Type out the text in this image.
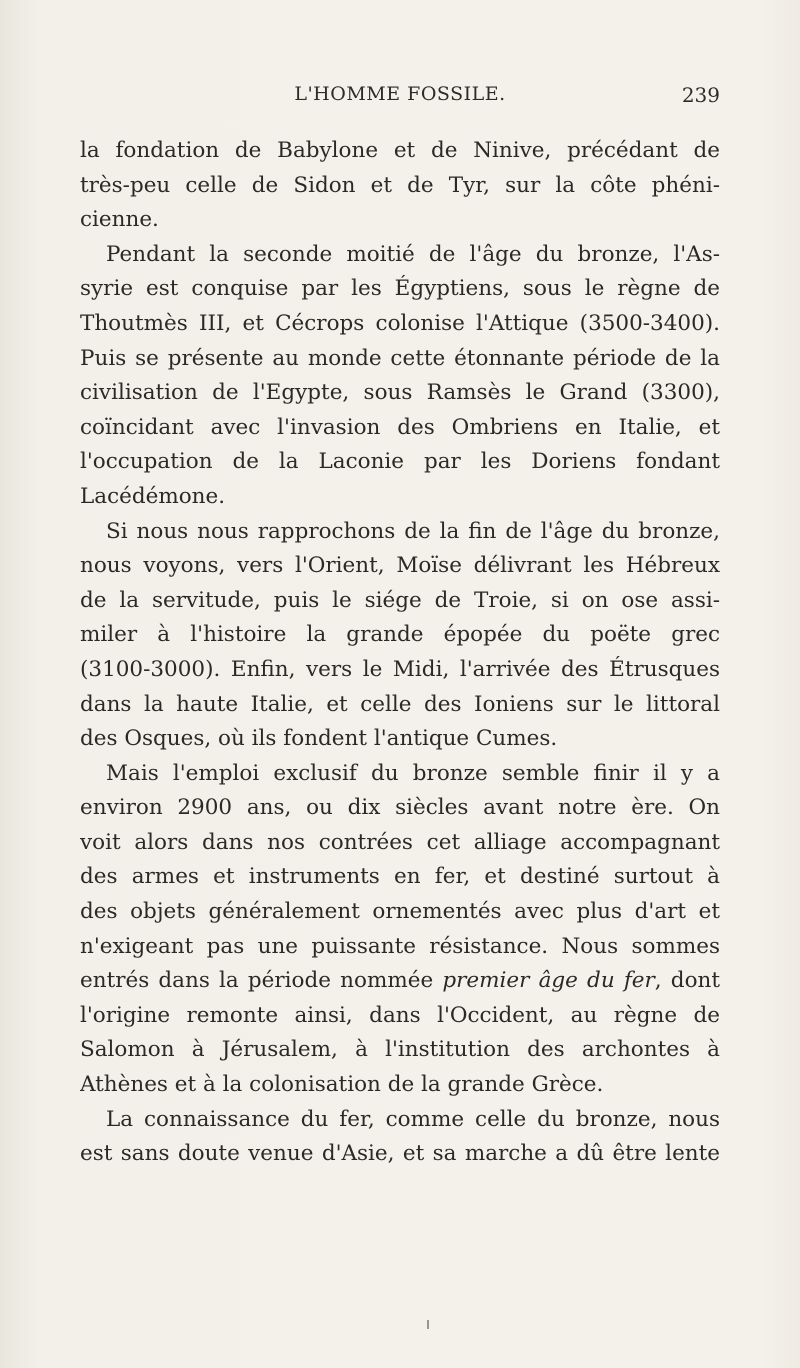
L'HOMME FOSSILE.	239
la fondation de Babylone et de Ninive, précédant de
très-peu celle de Sidon et de Tyr, sur la côte phéni-
cienne.
Pendant la seconde moitié de l'âge du bronze, l'As-
syrie est conquise par les Égyptiens, sous le règne de
Thoutmès III, et Cécrops colonise l'Attique (3500-3400).
Puis se présente au monde cette étonnante période de la
civilisation de l'Egypte, sous Ramsès le Grand (3300),
coïncidant avec l'invasion des Ombriens en Italie, et
l'occupation de la Laconie par les Doriens fondant
Lacédémone.
Si nous nous rapprochons de la fin de l'âge du bronze,
nous voyons, vers l'Orient, Moïse délivrant les Hébreux
de la servitude, puis le siége de Troie, si on ose assi-
miler à l'histoire la grande épopée du poëte grec
(3100-3000). Enfin, vers le Midi, l'arrivée des Étrusques
dans la haute Italie, et celle des Ioniens sur le littoral
des Osques, où ils fondent l'antique Cumes.
Mais l'emploi exclusif du bronze semble finir il y a
environ 2900 ans, ou dix siècles avant notre ère. On
voit alors dans nos contrées cet alliage accompagnant
des armes et instruments en fer, et destiné surtout à
des objets généralement ornementés avec plus d'art et
n'exigeant pas une puissante résistance. Nous sommes
entrés dans la période nommée premier âge du fer, dont
l'origine remonte ainsi, dans l'Occident, au règne de
Salomon à Jérusalem, à l'institution des archontes à
Athènes et à la colonisation de la grande Grèce.
La connaissance du fer, comme celle du bronze, nous
est sans doute venue d'Asie, et sa marche a dû être lente
